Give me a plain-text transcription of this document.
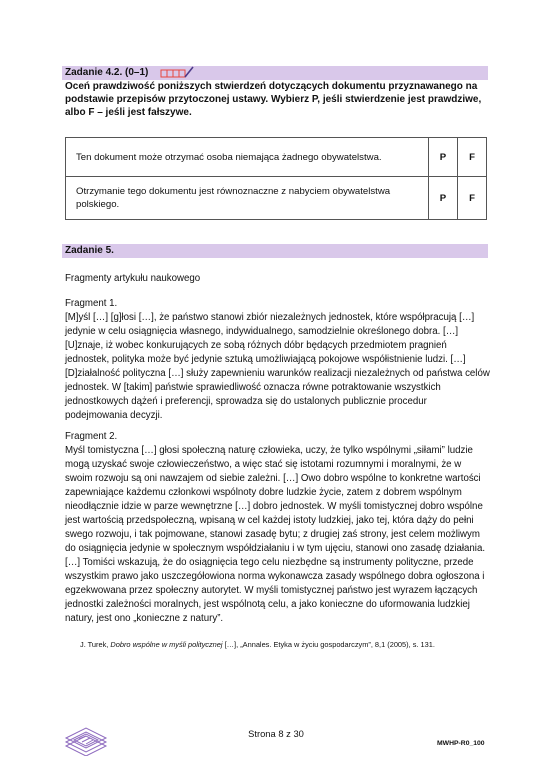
Zadanie 4.2. (0–1)

Oceń prawdziwość poniższych stwierdzeń dotyczących dokumentu przyznawanego na podstawie przepisów przytoczonej ustawy. Wybierz P, jeśli stwierdzenie jest prawdziwe, albo F – jeśli jest fałszywe.

Ten dokument może otrzymać osoba niemająca żadnego obywatelstwa.	P	F
Otrzymanie tego dokumentu jest równoznaczne z nabyciem obywatelstwa polskiego.	P	F
Zadanie 5.

Fragmenty artykułu naukowego

Fragment 1.

[M]yśl […] [g]łosi […], że państwo stanowi zbiór niezależnych jednostek, które współpracują […] jedynie w celu osiągnięcia własnego, indywidualnego, samodzielnie określonego dobra. […] [U]znaje, iż wobec konkurujących ze sobą różnych dóbr będących przedmiotem pragnień jednostek, polityka może być jedynie sztuką umożliwiającą pokojowe współistnienie ludzi. […] [D]ziałalność polityczna […] służy zapewnieniu warunków realizacji niezależnych od państwa celów jednostek. W [takim] państwie sprawiedliwość oznacza równe potraktowanie wszystkich jednostkowych dążeń i preferencji, sprowadza się do ustalonych publicznie procedur podejmowania decyzji.

Fragment 2.

Myśl tomistyczna […] głosi społeczną naturę człowieka, uczy, że tylko wspólnymi „siłami” ludzie mogą uzyskać swoje człowieczeństwo, a więc stać się istotami rozumnymi i moralnymi, że w swoim rozwoju są oni nawzajem od siebie zależni. […] Owo dobro wspólne to konkretne wartości zapewniające każdemu członkowi wspólnoty dobre ludzkie życie, zatem z dobrem wspólnym nieodłącznie idzie w parze wewnętrzne […] dobro jednostek. W myśli tomistycznej dobro wspólne jest wartością przedspołeczną, wpisaną w cel każdej istoty ludzkiej, jako tej, która dąży do pełni swego rozwoju, i tak pojmowane, stanowi zasadę bytu; z drugiej zaś strony, jest celem możliwym do osiągnięcia jedynie w społecznym współdziałaniu i w tym ujęciu, stanowi ono zasadę działania. […] Tomiści wskazują, że do osiągnięcia tego celu niezbędne są instrumenty polityczne, przede wszystkim prawo jako uszczegółowiona norma wykonawcza zasady wspólnego dobra ogłoszona i egzekwowana przez społeczny autorytet. W myśli tomistycznej państwo jest wyrazem łączących jednostki zależności moralnych, jest wspólnotą celu, a jako konieczne do uformowania ludzkiej natury, jest ono „konieczne z natury”.

J. Turek, Dobro wspólne w myśli politycznej […], „Annales. Etyka w życiu gospodarczym”, 8,1 (2005), s. 131.
Strona 8 z 30
MWHP-R0_100
